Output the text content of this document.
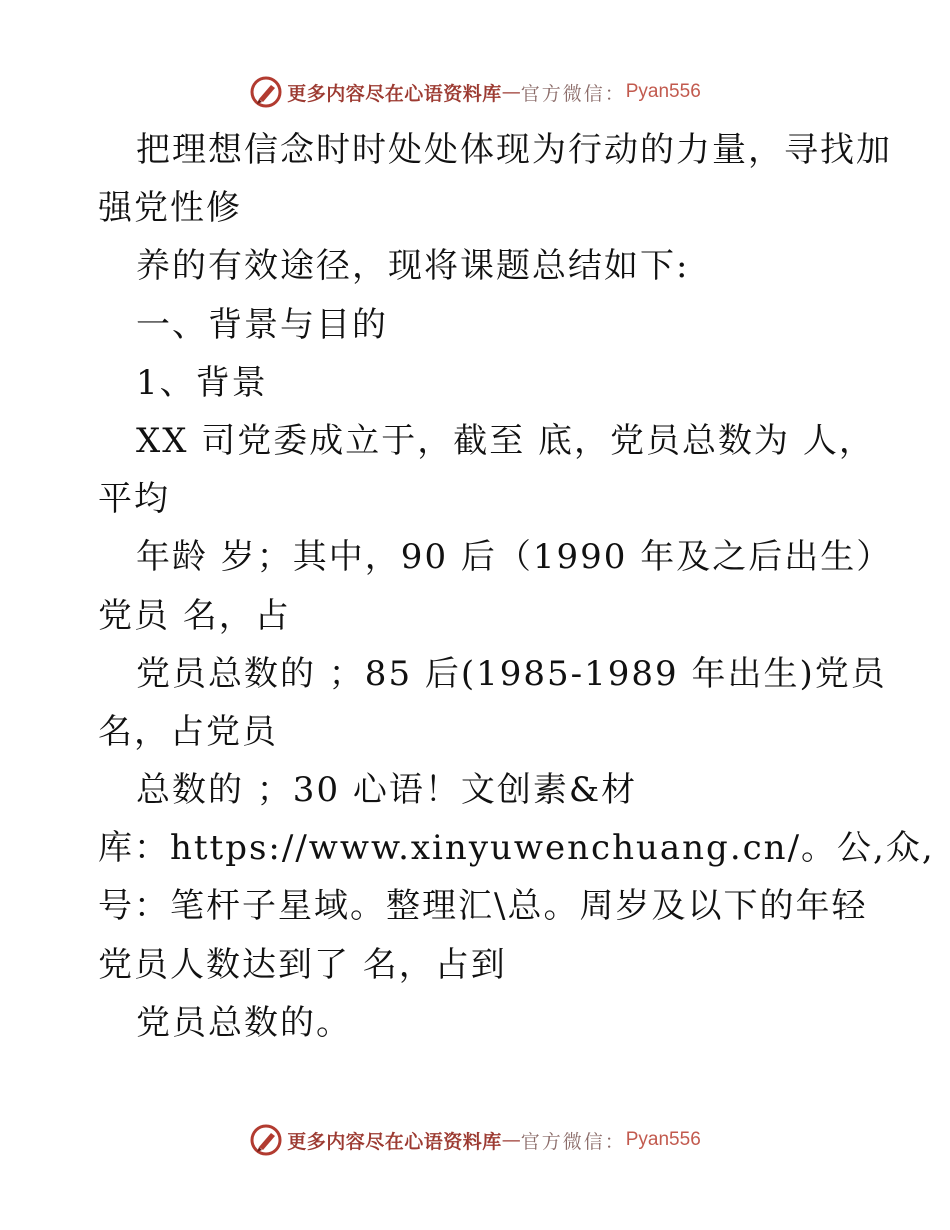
更多内容尽在心语资料库 — 官方微信： Pyan556
把理想信念时时处处体现为行动的力量，寻找加
强党性修
养的有效途径，现将课题总结如下:
一、背景与目的
1、背景
XX 司党委成立于，截至 底，党员总数为 人，
平均
年龄 岁；其中，90 后（1990 年及之后出生）
党员 名，占
党员总数的 ；85 后(1985-1989 年出生)党员
名，占党员
总数的 ；30 心语！文创素&材
库：https://www.xinyuwenchuang.cn/。公,众,
号：笔杆子星域。整理汇\总。周岁及以下的年轻
党员人数达到了 名，占到
党员总数的。
更多内容尽在心语资料库 — 官方微信： Pyan556
